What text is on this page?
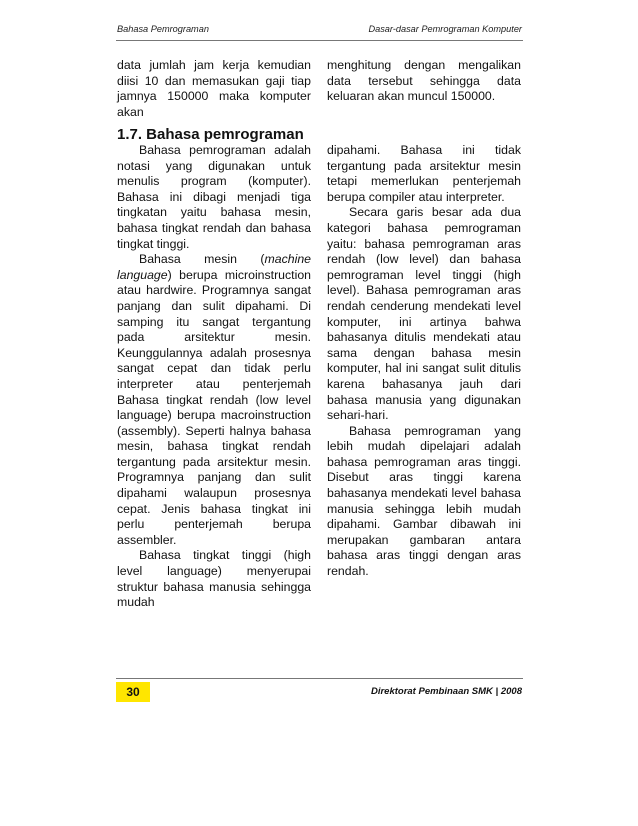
Bahasa Pemrograman	Dasar-dasar Pemrograman Komputer

data jumlah jam kerja kemudian diisi 10 dan memasukan gaji tiap jamnya 150000 maka komputer akan

menghitung dengan mengalikan data tersebut sehingga data keluaran akan muncul 150000.

1.7. Bahasa pemrograman

Bahasa pemrograman adalah notasi yang digunakan untuk menulis program (komputer). Bahasa ini dibagi menjadi tiga tingkatan yaitu bahasa mesin, bahasa tingkat rendah dan bahasa tingkat tinggi.

Bahasa mesin (machine language) berupa microinstruction atau hardwire. Programnya sangat panjang dan sulit dipahami. Di samping itu sangat tergantung pada arsitektur mesin. Keunggulannya adalah prosesnya sangat cepat dan tidak perlu interpreter atau penterjemah Bahasa tingkat rendah (low level language) berupa macroinstruction (assembly). Seperti halnya bahasa mesin, bahasa tingkat rendah tergantung pada arsitektur mesin. Programnya panjang dan sulit dipahami walaupun prosesnya cepat. Jenis bahasa tingkat ini perlu penterjemah berupa assembler.

Bahasa tingkat tinggi (high level language) menyerupai struktur bahasa manusia sehingga mudah

dipahami. Bahasa ini tidak tergantung pada arsitektur mesin tetapi memerlukan penterjemah berupa compiler atau interpreter.

Secara garis besar ada dua kategori bahasa pemrograman yaitu: bahasa pemrograman aras rendah (low level) dan bahasa pemrograman level tinggi (high level). Bahasa pemrograman aras rendah cenderung mendekati level komputer, ini artinya bahwa bahasanya ditulis mendekati atau sama dengan bahasa mesin komputer, hal ini sangat sulit ditulis karena bahasanya jauh dari bahasa manusia yang digunakan sehari-hari.

Bahasa pemrograman yang lebih mudah dipelajari adalah bahasa pemrograman aras tinggi. Disebut aras tinggi karena bahasanya mendekati level bahasa manusia sehingga lebih mudah dipahami. Gambar dibawah ini merupakan gambaran antara bahasa aras tinggi dengan aras rendah.

30	Direktorat Pembinaan SMK | 2008
